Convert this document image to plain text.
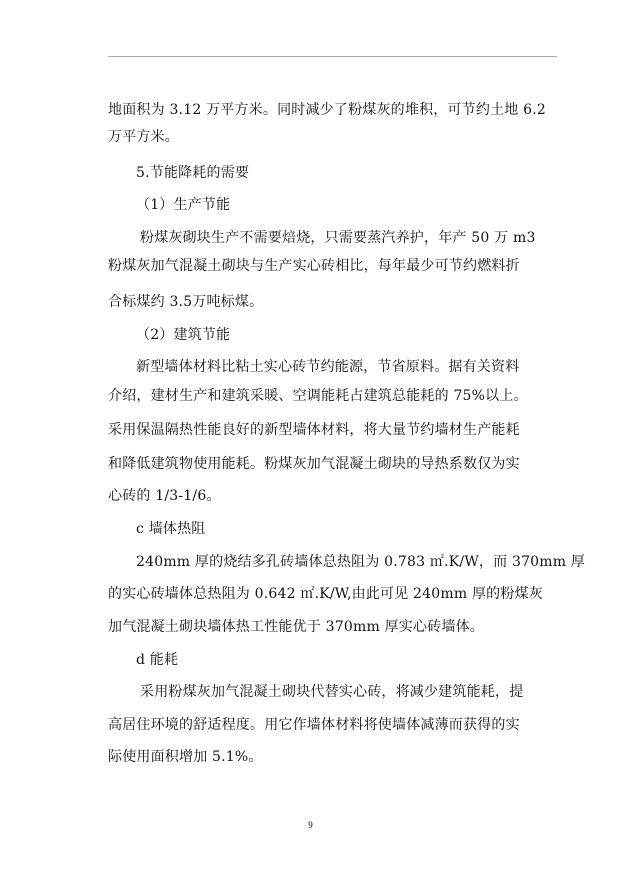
地面积为 3.12 万平方米。同时减少了粉煤灰的堆积，可节约土地 6.2
万平方米。
5.节能降耗的需要
（1）生产节能
粉煤灰砌块生产不需要焙烧，只需要蒸汽养护，年产 50 万 m3
粉煤灰加气混凝土砌块与生产实心砖相比，每年最少可节约燃料折
合标煤约 3.5万吨标煤。
（2）建筑节能
新型墙体材料比粘土实心砖节约能源，节省原料。据有关资料
介绍，建材生产和建筑采暖、空调能耗占建筑总能耗的 75%以上。
采用保温隔热性能良好的新型墙体材料，将大量节约墙材生产能耗
和降低建筑物使用能耗。粉煤灰加气混凝土砌块的导热系数仅为实
心砖的 1/3-1/6。
c 墙体热阻
240mm 厚的烧结多孔砖墙体总热阻为 0.783 ㎡.K/W，而 370mm 厚
的实心砖墙体总热阻为 0.642 ㎡.K/W,由此可见 240mm 厚的粉煤灰
加气混凝土砌块墙体热工性能优于 370mm 厚实心砖墙体。
d 能耗
采用粉煤灰加气混凝土砌块代替实心砖，将减少建筑能耗，提
高居住环境的舒适程度。用它作墙体材料将使墙体减薄而获得的实
际使用面积增加 5.1%。
9
